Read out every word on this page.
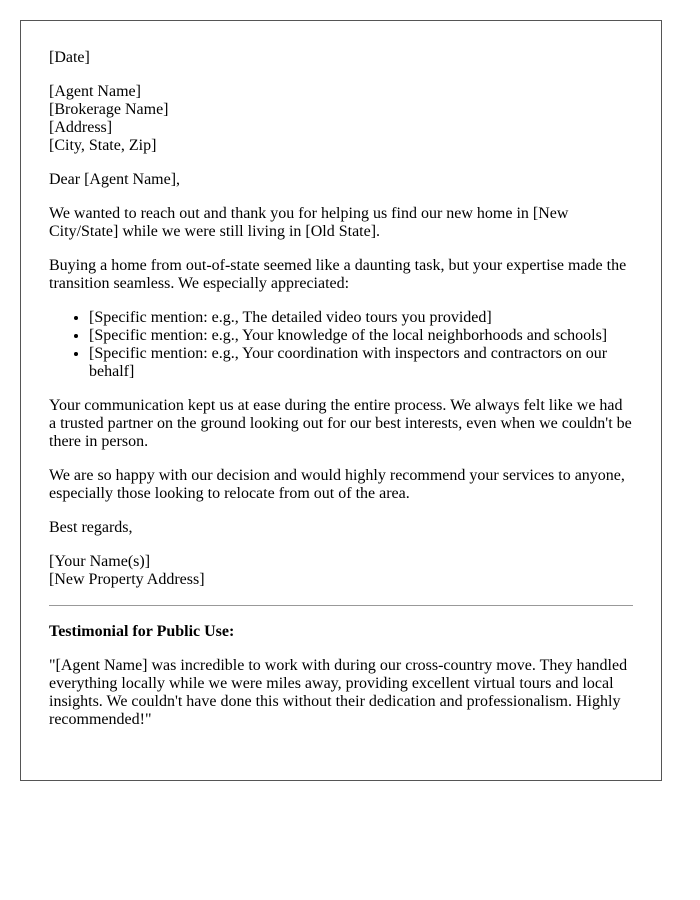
[Date]

[Agent Name]
[Brokerage Name]
[Address]
[City, State, Zip]

Dear [Agent Name],

We wanted to reach out and thank you for helping us find our new home in [New City/State] while we were still living in [Old State].

Buying a home from out-of-state seemed like a daunting task, but your expertise made the transition seamless. We especially appreciated:

• [Specific mention: e.g., The detailed video tours you provided]
• [Specific mention: e.g., Your knowledge of the local neighborhoods and schools]
• [Specific mention: e.g., Your coordination with inspectors and contractors on our behalf]

Your communication kept us at ease during the entire process. We always felt like we had a trusted partner on the ground looking out for our best interests, even when we couldn't be there in person.

We are so happy with our decision and would highly recommend your services to anyone, especially those looking to relocate from out of the area.

Best regards,

[Your Name(s)]
[New Property Address]

Testimonial for Public Use:

"[Agent Name] was incredible to work with during our cross-country move. They handled everything locally while we were miles away, providing excellent virtual tours and local insights. We couldn't have done this without their dedication and professionalism. Highly recommended!"
